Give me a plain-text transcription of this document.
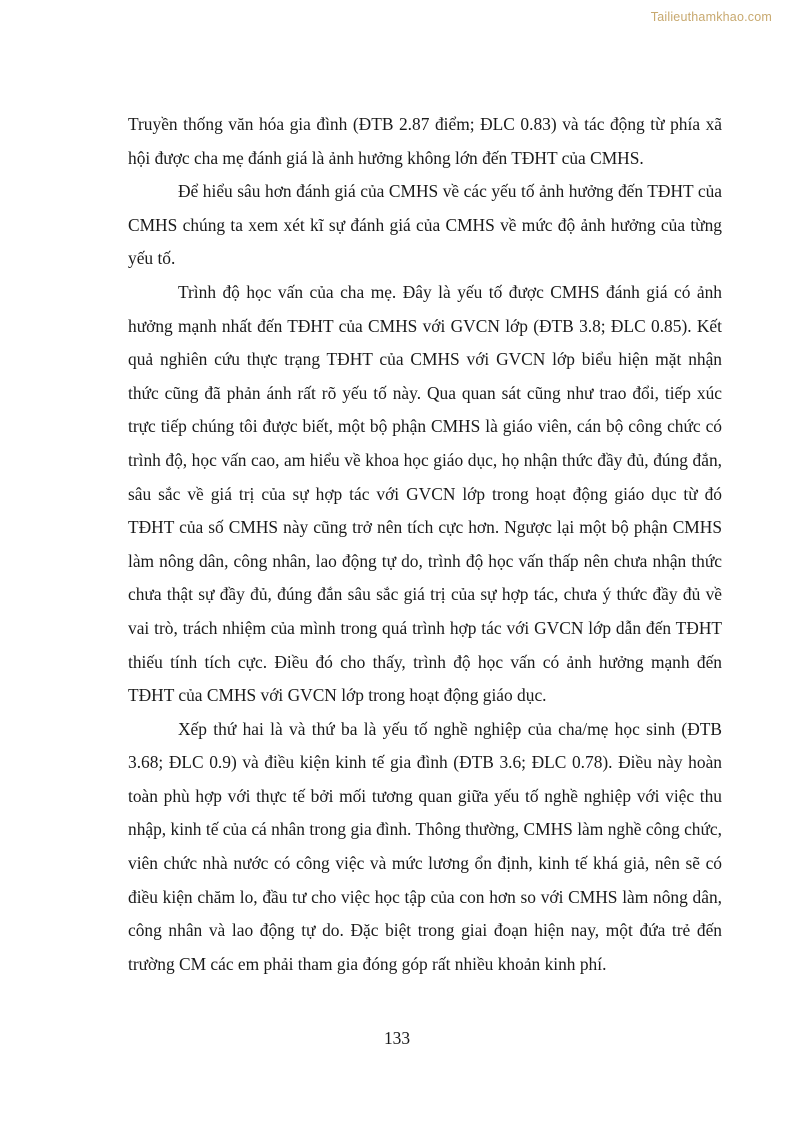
Tailieuthamkhao.com

Truyền thống văn hóa gia đình (ĐTB 2.87 điểm; ĐLC 0.83) và tác động từ phía xã hội được cha mẹ đánh giá là ảnh hưởng không lớn đến TĐHT của CMHS.

Để hiểu sâu hơn đánh giá của CMHS về các yếu tố ảnh hưởng đến TĐHT của CMHS chúng ta xem xét kĩ sự đánh giá của CMHS về mức độ ảnh hưởng của từng yếu tố.

Trình độ học vấn của cha mẹ. Đây là yếu tố được CMHS đánh giá có ảnh hưởng mạnh nhất đến TĐHT của CMHS với GVCN lớp (ĐTB 3.8; ĐLC 0.85). Kết quả nghiên cứu thực trạng TĐHT của CMHS với GVCN lớp biểu hiện mặt nhận thức cũng đã phản ánh rất rõ yếu tố này. Qua quan sát cũng như trao đổi, tiếp xúc trực tiếp chúng tôi được biết, một bộ phận CMHS là giáo viên, cán bộ công chức có trình độ, học vấn cao, am hiểu về khoa học giáo dục, họ nhận thức đầy đủ, đúng đắn, sâu sắc về giá trị của sự hợp tác với GVCN lớp trong hoạt động giáo dục từ đó TĐHT của số CMHS này cũng trở nên tích cực hơn. Ngược lại một bộ phận CMHS làm nông dân, công nhân, lao động tự do, trình độ học vấn thấp nên chưa nhận thức chưa thật sự đầy đủ, đúng đắn sâu sắc giá trị của sự hợp tác, chưa ý thức đầy đủ về vai trò, trách nhiệm của mình trong quá trình hợp tác với GVCN lớp dẫn đến TĐHT thiếu tính tích cực. Điều đó cho thấy, trình độ học vấn có ảnh hưởng mạnh đến TĐHT của CMHS với GVCN lớp trong hoạt động giáo dục.

Xếp thứ hai là và thứ ba là yếu tố nghề nghiệp của cha/mẹ học sinh (ĐTB 3.68; ĐLC 0.9) và điều kiện kinh tế gia đình (ĐTB 3.6; ĐLC 0.78). Điều này hoàn toàn phù hợp với thực tế bởi mối tương quan giữa yếu tố nghề nghiệp với việc thu nhập, kinh tế của cá nhân trong gia đình. Thông thường, CMHS làm nghề công chức, viên chức nhà nước có công việc và mức lương ổn định, kinh tế khá giả, nên sẽ có điều kiện chăm lo, đầu tư cho việc học tập của con hơn so với CMHS làm nông dân, công nhân và lao động tự do. Đặc biệt trong giai đoạn hiện nay, một đứa trẻ đến trường CM các em phải tham gia đóng góp rất nhiều khoản kinh phí.

133
